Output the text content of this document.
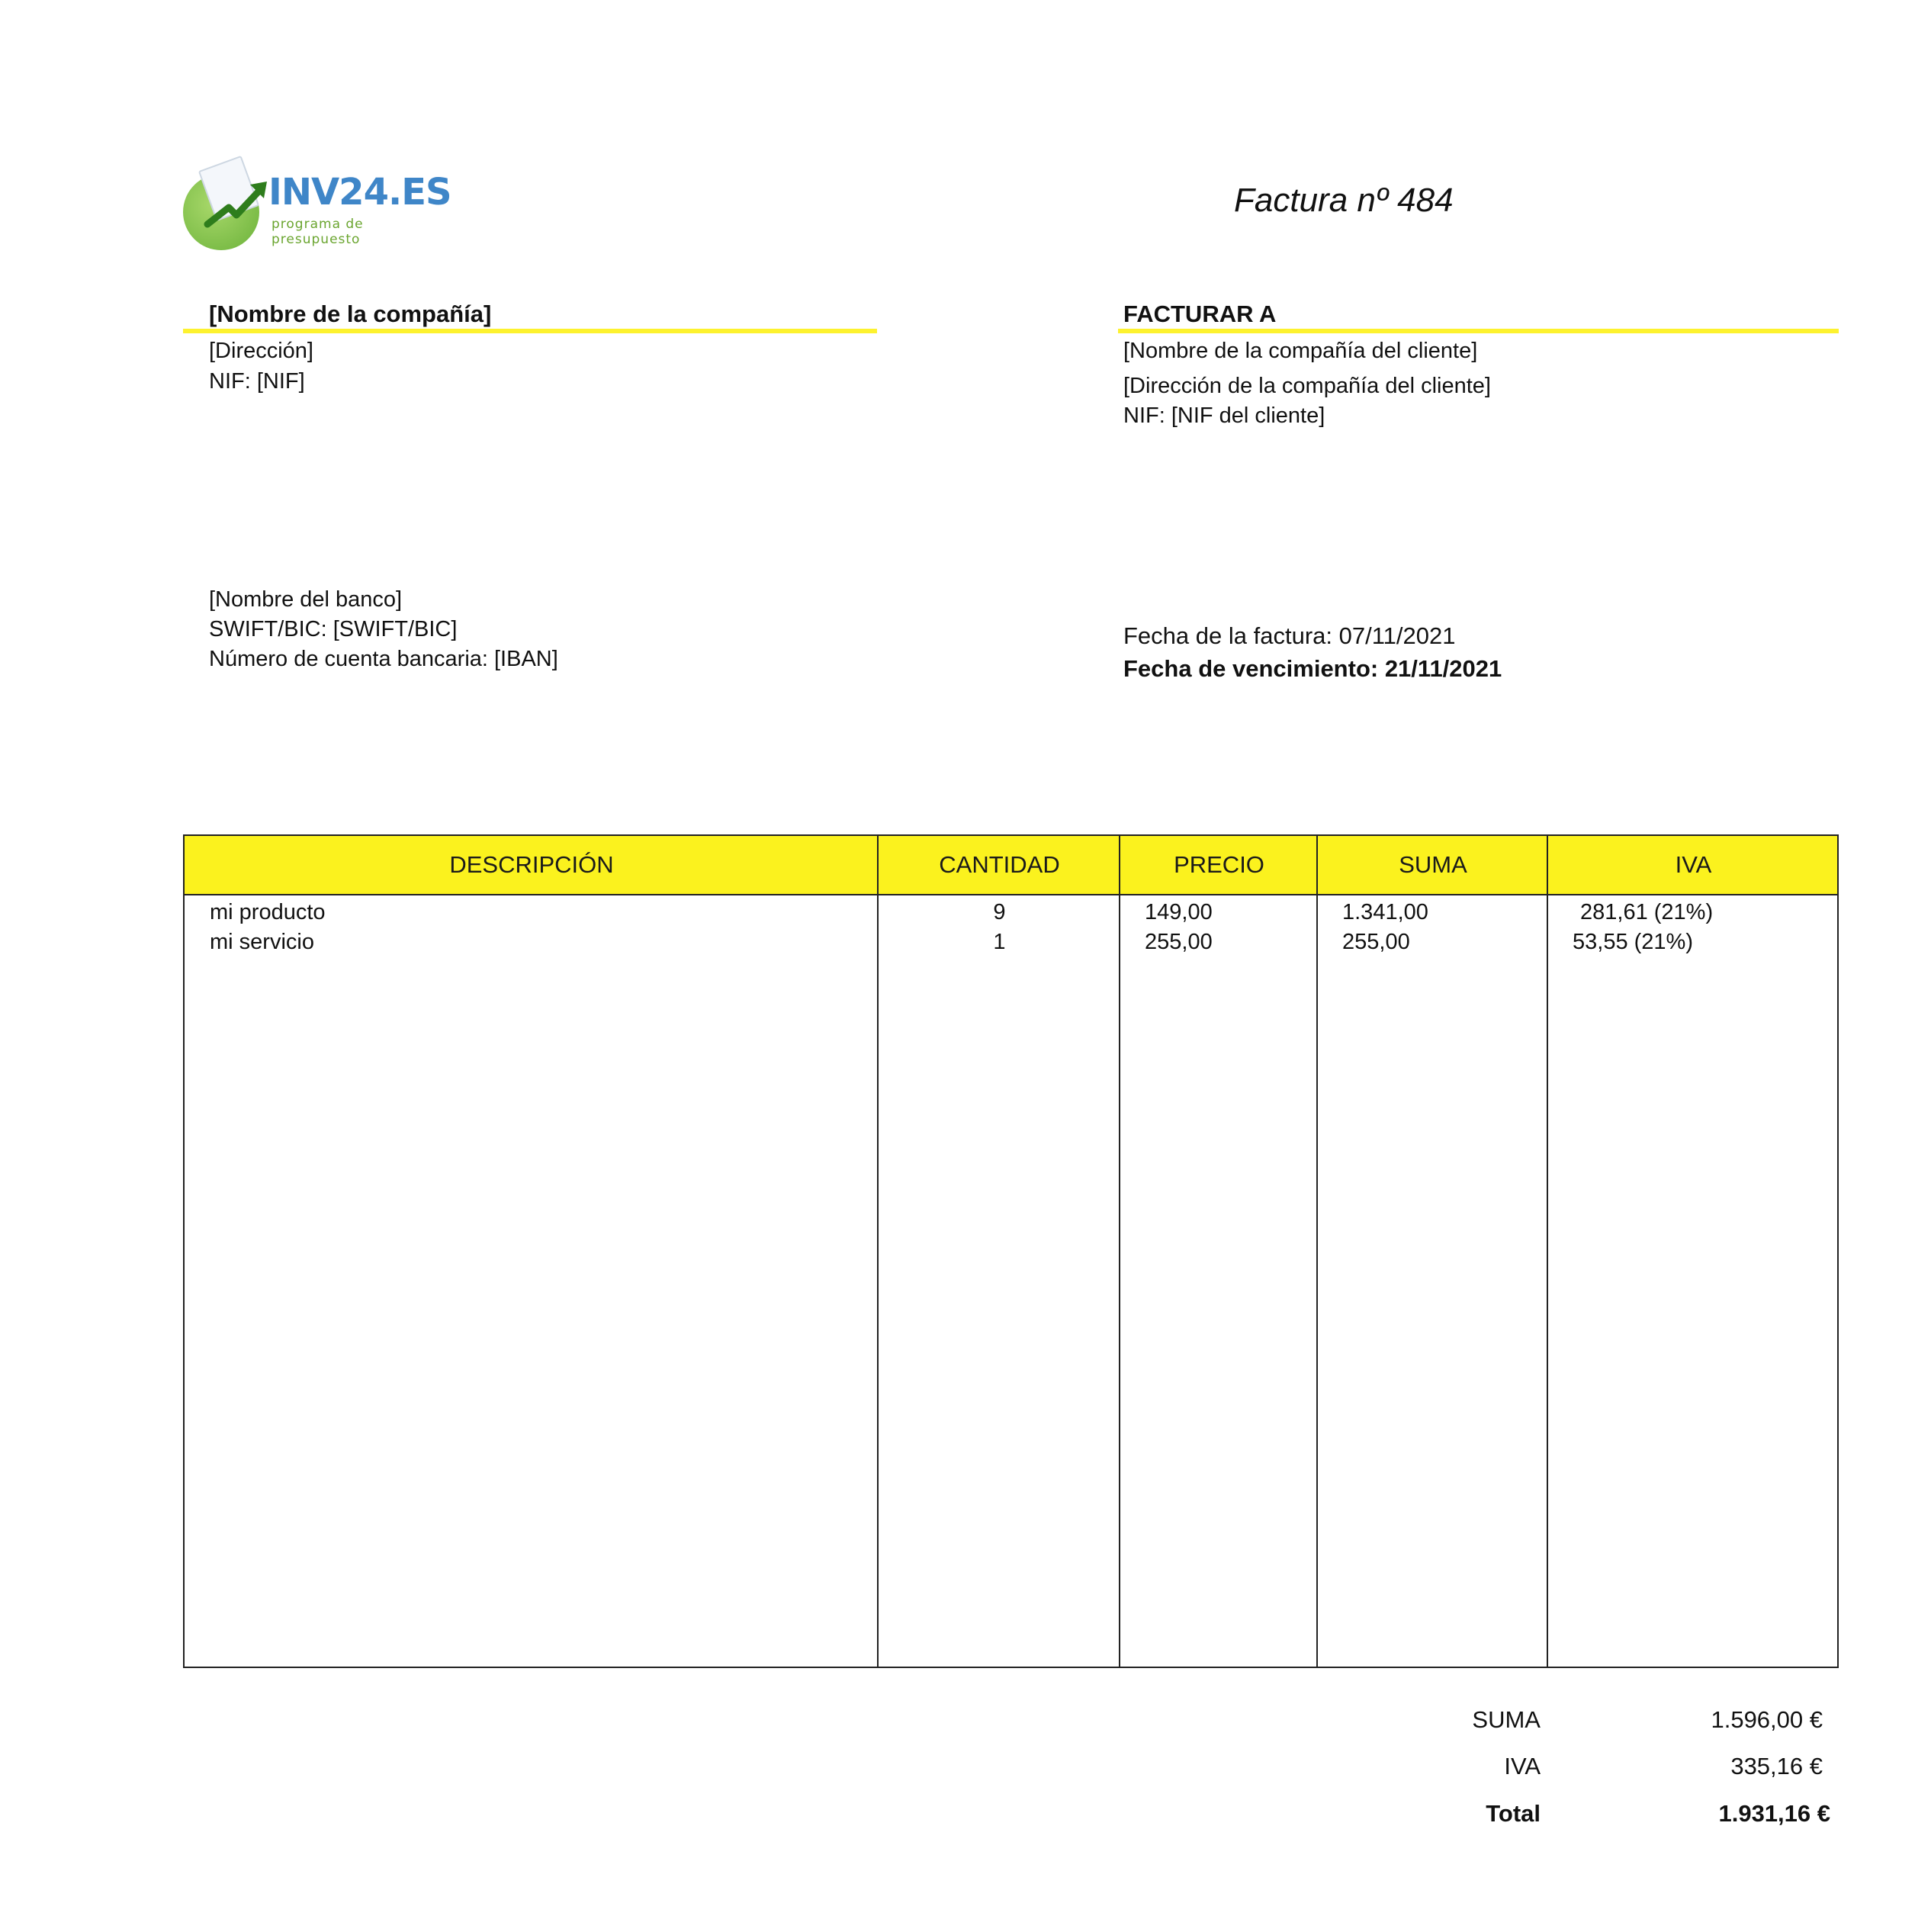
INV24.ES
programa de presupuesto
Factura nº 484
[Nombre de la compañía]
[Dirección]
NIF: [NIF]
FACTURAR A
[Nombre de la compañía del cliente]
[Dirección de la compañía del cliente]
NIF: [NIF del cliente]
[Nombre del banco]
SWIFT/BIC: [SWIFT/BIC]
Número de cuenta bancaria: [IBAN]
Fecha de la factura: 07/11/2021
Fecha de vencimiento: 21/11/2021
DESCRIPCIÓN	CANTIDAD	PRECIO	SUMA	IVA
mi producto	9	149,00	1.341,00	281,61 (21%)
mi servicio	1	255,00	255,00	53,55 (21%)
SUMA	1.596,00 €
IVA	335,16 €
Total	1.931,16 €
